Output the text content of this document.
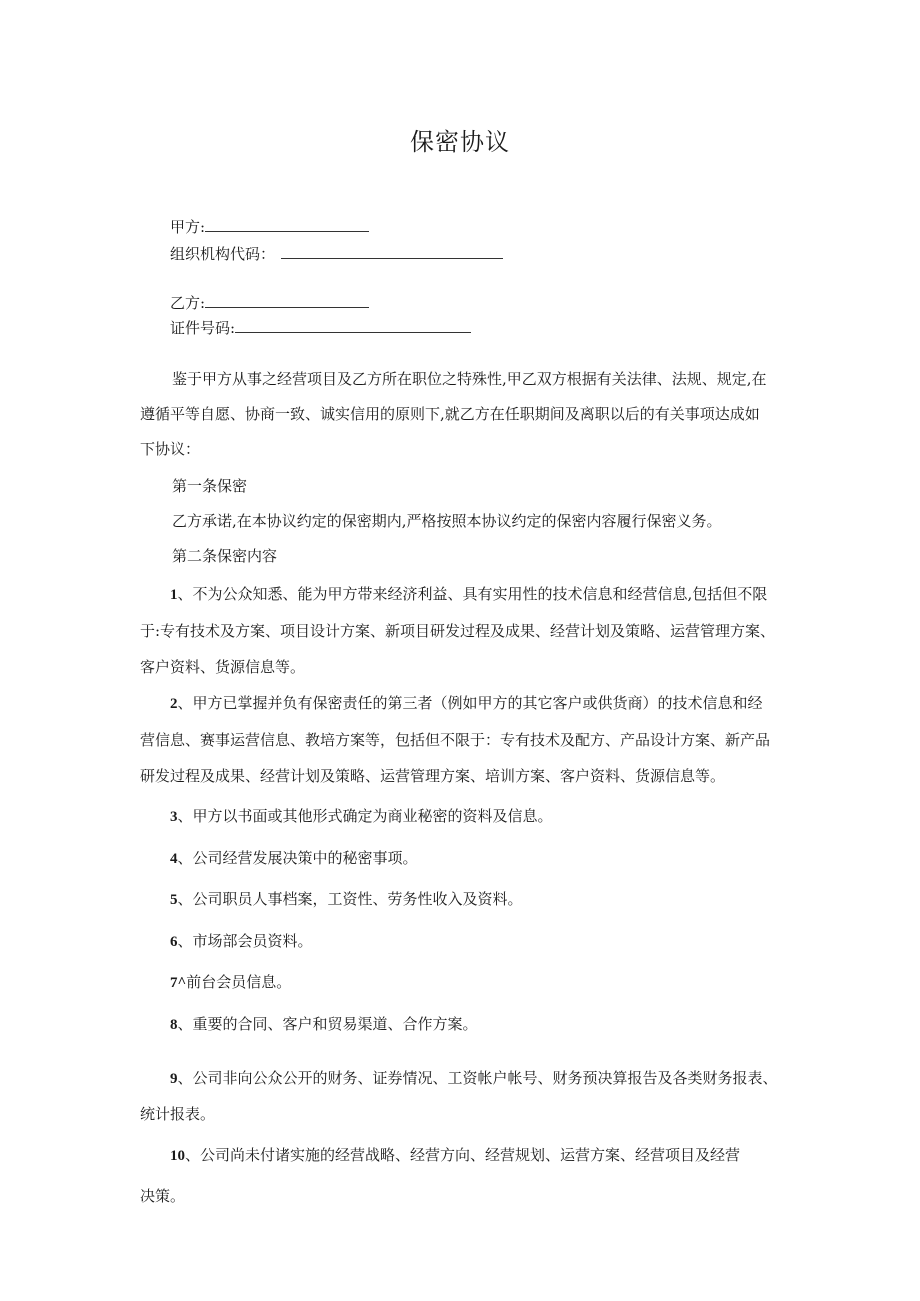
保密协议
甲方:
组织机构代码：
乙方:
证件号码:
鉴于甲方从事之经营项目及乙方所在职位之特殊性,甲乙双方根据有关法律、法规、规定,在
遵循平等自愿、协商一致、诚实信用的原则下,就乙方在任职期间及离职以后的有关事项达成如
下协议：
第一条保密
乙方承诺,在本协议约定的保密期内,严格按照本协议约定的保密内容履行保密义务。
第二条保密内容
1、不为公众知悉、能为甲方带来经济利益、具有实用性的技术信息和经营信息,包括但不限
于:专有技术及方案、项目设计方案、新项目研发过程及成果、经营计划及策略、运营管理方案、
客户资料、货源信息等。
2、甲方已掌握并负有保密责任的第三者（例如甲方的其它客户或供货商）的技术信息和经
营信息、赛事运营信息、教培方案等，包括但不限于：专有技术及配方、产品设计方案、新产品
研发过程及成果、经营计划及策略、运营管理方案、培训方案、客户资料、货源信息等。
3、甲方以书面或其他形式确定为商业秘密的资料及信息。
4、公司经营发展决策中的秘密事项。
5、公司职员人事档案，工资性、劳务性收入及资料。
6、市场部会员资料。
7^前台会员信息。
8、重要的合同、客户和贸易渠道、合作方案。
9、公司非向公众公开的财务、证券情况、工资帐户帐号、财务预决算报告及各类财务报表、
统计报表。
10、公司尚未付诸实施的经营战略、经营方向、经营规划、运营方案、经营项目及经营
决策。
